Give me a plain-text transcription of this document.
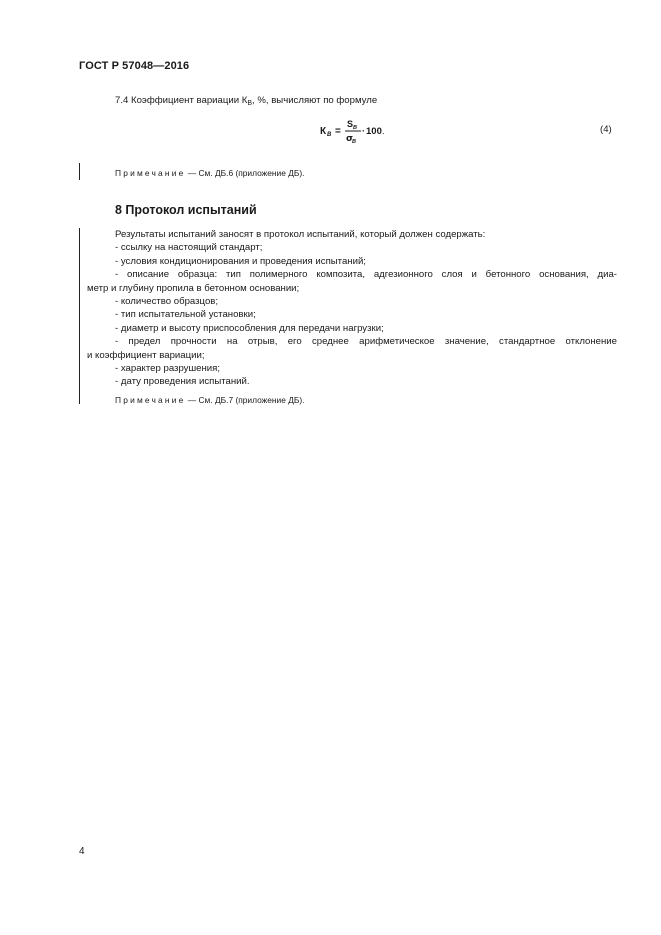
ГОСТ Р 57048—2016
7.4 Коэффициент вариации $К_В$, %, вычисляют по формуле
К В =
S B
σ
B
· 100 .	(4)
Примечание — См. ДБ.6 (приложение ДБ).
8 Протокол испытаний
Результаты испытаний заносят в протокол испытаний, который должен содержать:
- ссылку на настоящий стандарт;
- условия кондиционирования и проведения испытаний;
- описание образца: тип полимерного композита, адгезионного слоя и бетонного основания, диа-
метр и глубину пропила в бетонном основании;
- количество образцов;
- тип испытательной установки;
- диаметр и высоту приспособления для передачи нагрузки;
- предел прочности на отрыв, его среднее арифметическое значение, стандартное отклонение
и коэффициент вариации;
- характер разрушения;
- дату проведения испытаний.
Примечание — См. ДБ.7 (приложение ДБ).
4
